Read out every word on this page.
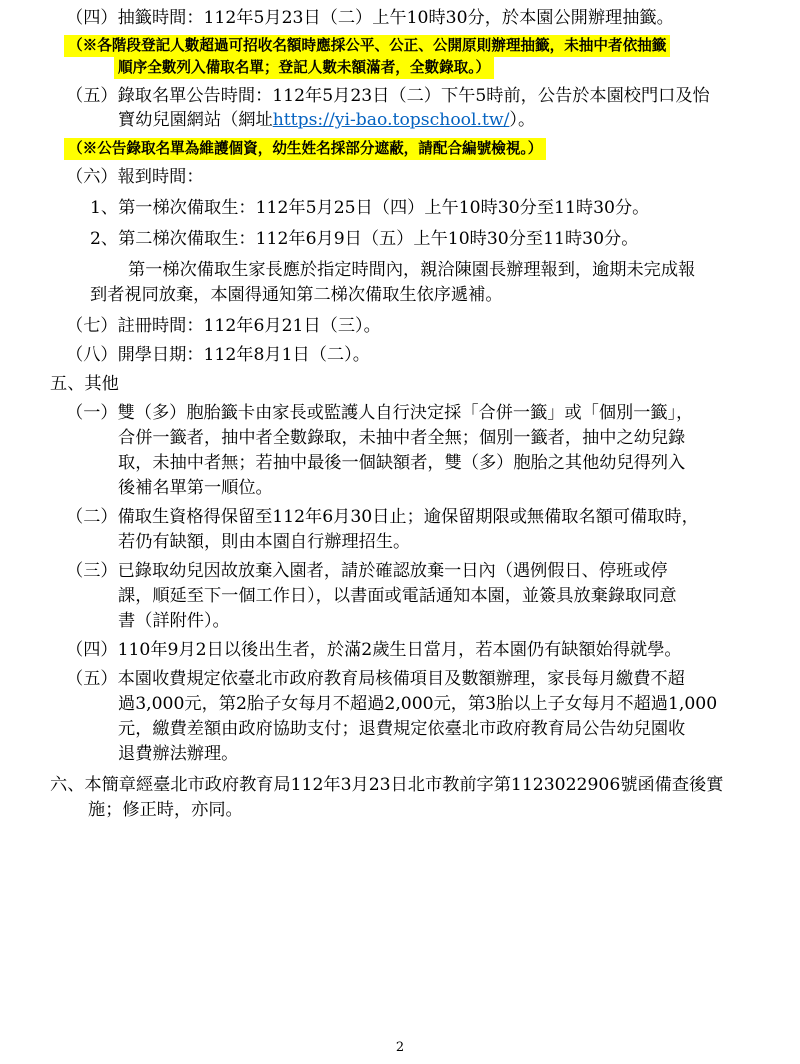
（四）抽籤時間：112年5月23日（二）上午10時30分，於本園公開辦理抽籤。
（※各階段登記人數超過可招收名額時應採公平、公正、公開原則辦理抽籤，未抽中者依抽籤
順序全數列入備取名單；登記人數未額滿者，全數錄取。）
（五）錄取名單公告時間：112年5月23日（二）下午5時前，公告於本園校門口及怡
寶幼兒園網站（網址https://yi-bao.topschool.tw/）。
（※公告錄取名單為維護個資，幼生姓名採部分遮蔽，請配合編號檢視。）
（六）報到時間：
1、第一梯次備取生：112年5月25日（四）上午10時30分至11時30分。
2、第二梯次備取生：112年6月9日（五）上午10時30分至11時30分。
第一梯次備取生家長應於指定時間內，親洽陳園長辦理報到，逾期未完成報
到者視同放棄，本園得通知第二梯次備取生依序遞補。
（七）註冊時間：112年6月21日（三）。
（八）開學日期：112年8月1日（二）。
五、其他
（一）雙（多）胞胎籤卡由家長或監護人自行決定採「合併一籤」或「個別一籤」，
合併一籤者，抽中者全數錄取，未抽中者全無；個別一籤者，抽中之幼兒錄
取，未抽中者無；若抽中最後一個缺額者，雙（多）胞胎之其他幼兒得列入
後補名單第一順位。
（二）備取生資格得保留至112年6月30日止；逾保留期限或無備取名額可備取時，
若仍有缺額，則由本園自行辦理招生。
（三）已錄取幼兒因故放棄入園者，請於確認放棄一日內（遇例假日、停班或停
課，順延至下一個工作日），以書面或電話通知本園，並簽具放棄錄取同意
書（詳附件）。
（四）110年9月2日以後出生者，於滿2歲生日當月，若本園仍有缺額始得就學。
（五）本園收費規定依臺北市政府教育局核備項目及數額辦理，家長每月繳費不超
過3,000元，第2胎子女每月不超過2,000元，第3胎以上子女每月不超過1,000
元，繳費差額由政府協助支付；退費規定依臺北市政府教育局公告幼兒園收
退費辦法辦理。
六、本簡章經臺北市政府教育局112年3月23日北市教前字第1123022906號函備查後實
施；修正時，亦同。
2
